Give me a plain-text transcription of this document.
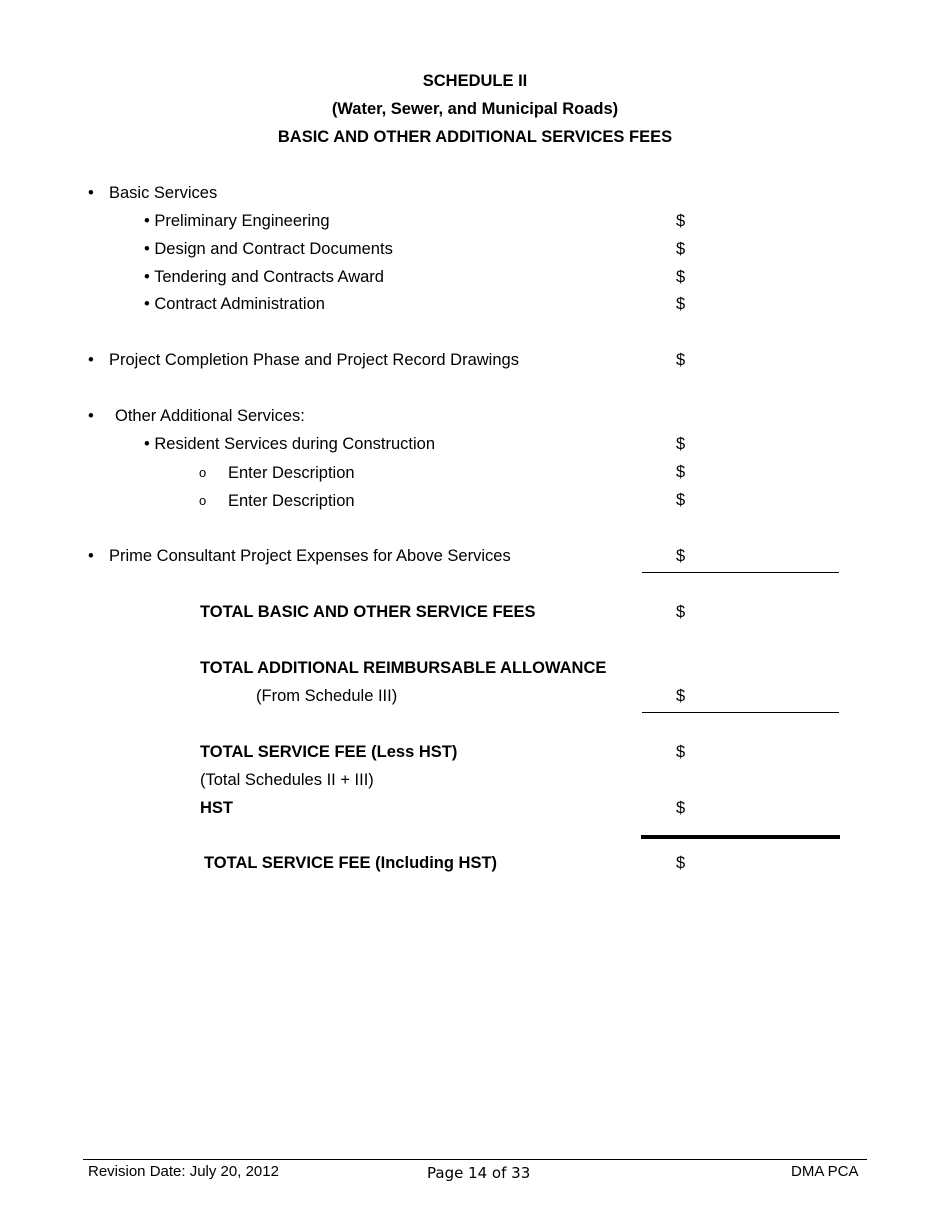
SCHEDULE II
(Water, Sewer, and Municipal Roads)
BASIC AND OTHER ADDITIONAL SERVICES FEES
• Basic Services
• Preliminary Engineering	$
• Design and Contract Documents	$
• Tendering and Contracts Award	$
• Contract Administration	$
• Project Completion Phase and Project Record Drawings	$
• Other Additional Services:
• Resident Services during Construction	$
o Enter Description	$
o Enter Description	$
• Prime Consultant Project Expenses for Above Services	$
TOTAL BASIC AND OTHER SERVICE FEES	$
TOTAL ADDITIONAL REIMBURSABLE ALLOWANCE
(From Schedule III)	$
TOTAL SERVICE FEE (Less HST)	$
(Total Schedules II + III)
HST	$
TOTAL SERVICE FEE (Including HST)	$
Revision Date: July 20, 2012	Page 14 of 33	DMA PCA
